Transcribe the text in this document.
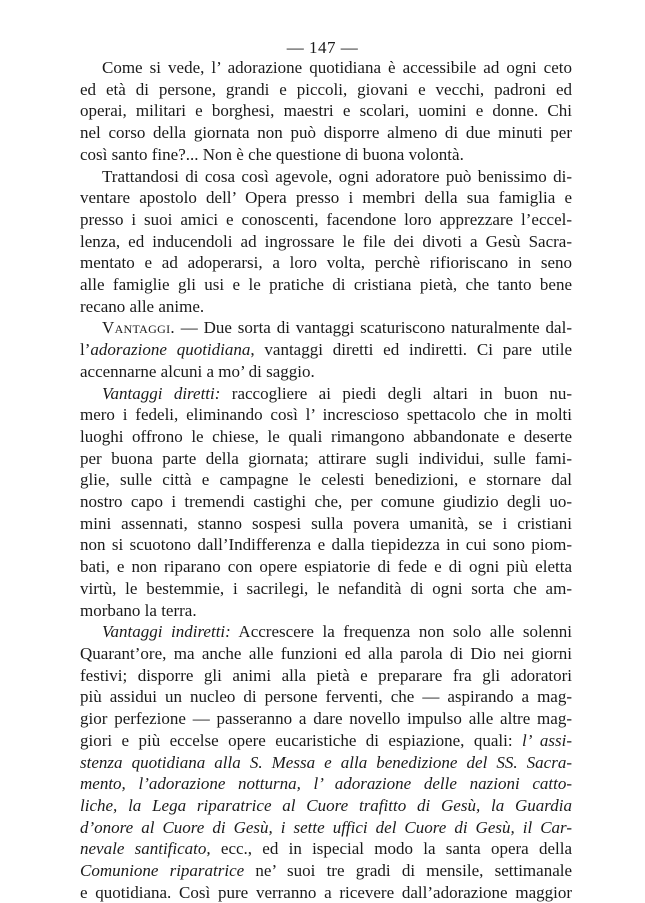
— 147 —
Come si vede, l’ adorazione quotidiana è accessibile ad ogni ceto
ed età di persone, grandi e piccoli, giovani e vecchi, padroni ed
operai, militari e borghesi, maestri e scolari, uomini e donne. Chi
nel corso della giornata non può disporre almeno di due minuti per
così santo fine?... Non è che questione di buona volontà.
Trattandosi di cosa così agevole, ogni adoratore può benissimo di-
ventare apostolo dell’ Opera presso i membri della sua famiglia e
presso i suoi amici e conoscenti, facendone loro apprezzare l’eccel-
lenza, ed inducendoli ad ingrossare le file dei divoti a Gesù Sacra-
mentato e ad adoperarsi, a loro volta, perchè rifioriscano in seno
alle famiglie gli usi e le pratiche di cristiana pietà, che tanto bene
recano alle anime.
Vantaggi. — Due sorta di vantaggi scaturiscono naturalmente dal-
l’adorazione quotidiana, vantaggi diretti ed indiretti. Ci pare utile
accennarne alcuni a mo’ di saggio.
Vantaggi diretti: raccogliere ai piedi degli altari in buon nu-
mero i fedeli, eliminando così l’ increscioso spettacolo che in molti
luoghi offrono le chiese, le quali rimangono abbandonate e deserte
per buona parte della giornata; attirare sugli individui, sulle fami-
glie, sulle città e campagne le celesti benedizioni, e stornare dal
nostro capo i tremendi castighi che, per comune giudizio degli uo-
mini assennati, stanno sospesi sulla povera umanità, se i cristiani
non si scuotono dall’Indifferenza e dalla tiepidezza in cui sono piom-
bati, e non riparano con opere espiatorie di fede e di ogni più eletta
virtù, le bestemmie, i sacrilegi, le nefandità di ogni sorta che am-
morbano la terra.
Vantaggi indiretti: Accrescere la frequenza non solo alle solenni
Quarant’ore, ma anche alle funzioni ed alla parola di Dio nei giorni
festivi; disporre gli animi alla pietà e preparare fra gli adoratori
più assidui un nucleo di persone ferventi, che — aspirando a mag-
gior perfezione — passeranno a dare novello impulso alle altre mag-
giori e più eccelse opere eucaristiche di espiazione, quali: l’ assi-
stenza quotidiana alla S. Messa e alla benedizione del SS. Sacra-
mento, l’adorazione notturna, l’ adorazione delle nazioni catto-
liche, la Lega riparatrice al Cuore trafitto di Gesù, la Guardia
d’onore al Cuore di Gesù, i sette uffici del Cuore di Gesù, il Car-
nevale santificato, ecc., ed in ispecial modo la santa opera della
Comunione riparatrice ne’ suoi tre gradi di mensile, settimanale
e quotidiana. Così pure verranno a ricevere dall’adorazione maggior
